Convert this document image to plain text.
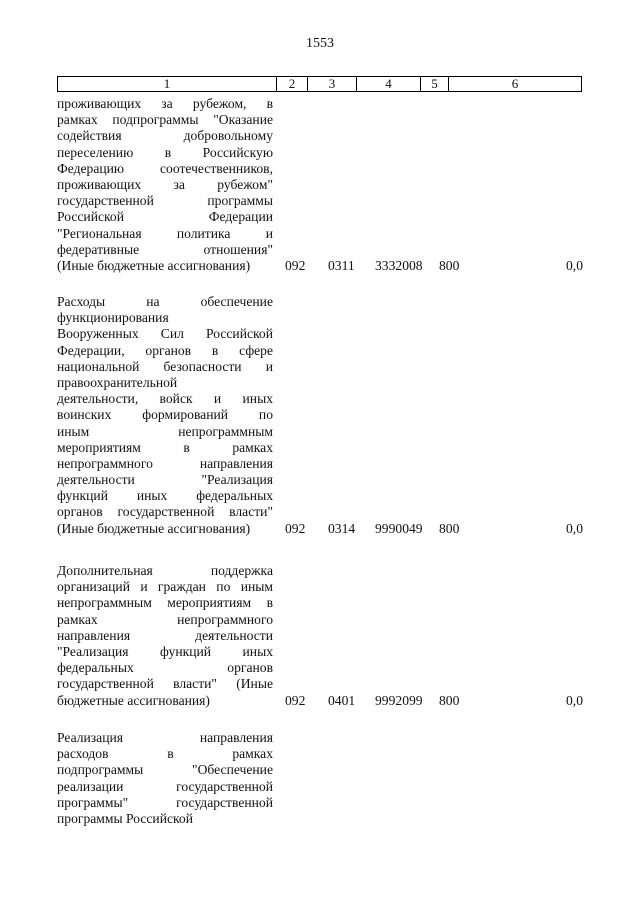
1553
1	2	3	4	5	6
проживающих за рубежом, в
рамках подпрограммы "Оказание
содействия добровольному
переселению в Российскую
Федерацию соотечественников,
проживающих за рубежом"
государственной программы
Российской Федерации
"Региональная политика и
федеративные отношения"
(Иные бюджетные ассигнования)	092 0311 3332008 800	0,0
Расходы на обеспечение
функционирования
Вооруженных Сил Российской
Федерации, органов в сфере
национальной безопасности и
правоохранительной
деятельности, войск и иных
воинских формирований по
иным непрограммным
мероприятиям в рамках
непрограммного направления
деятельности "Реализация
функций иных федеральных
органов государственной власти"
(Иные бюджетные ассигнования)	092 0314 9990049 800	0,0
Дополнительная поддержка
организаций и граждан по иным
непрограммным мероприятиям в
рамках непрограммного
направления деятельности
"Реализация функций иных
федеральных органов
государственной власти" (Иные
бюджетные ассигнования)	092 0401 9992099 800	0,0
Реализация направления
расходов в рамках
подпрограммы "Обеспечение
реализации государственной
программы" государственной
программы Российской
